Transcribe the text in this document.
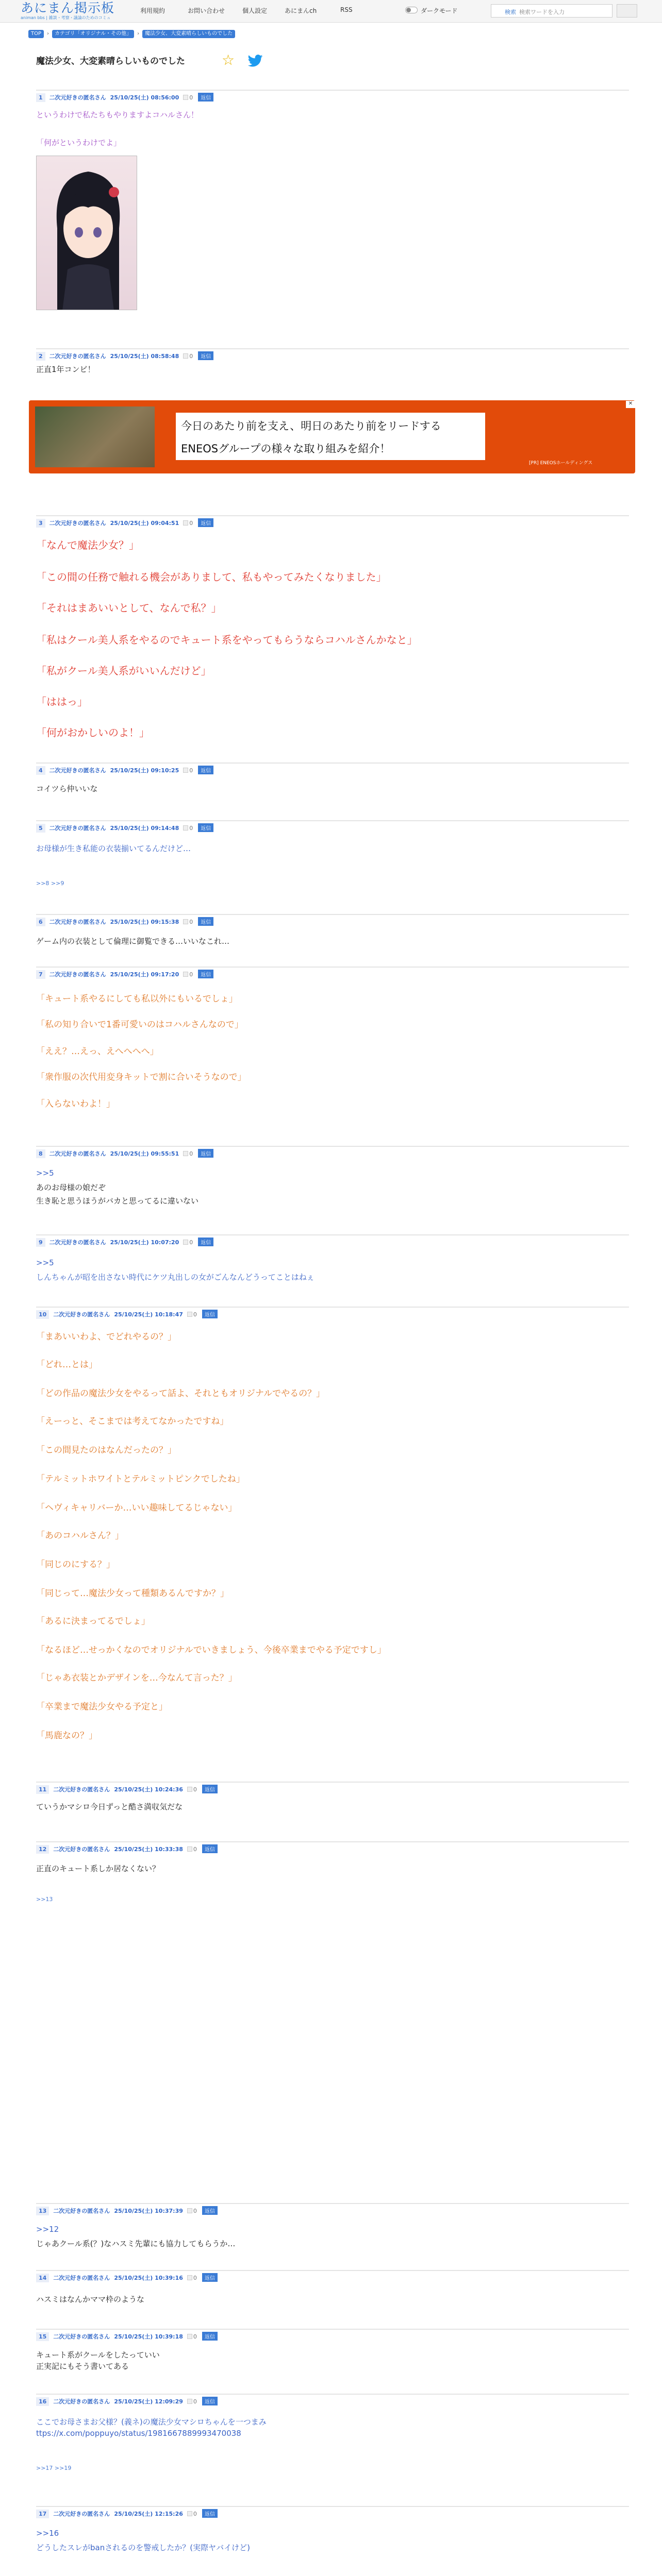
あにまん掲示板
animan bbs | 雑談・考察・議論のためのコミュ
利用規約	お問い合わせ	個人設定	あにまんch	RSS	ダークモード	検索 検索ワードを入力
TOP › カテゴリ「オリジナル・その他」 › 魔法少女、大変素晴らしいものでした
魔法少女、大変素晴らしいものでした	☆
今日のあたり前を支え、明日のあたり前をリードする
ENEOSグループの様々な取り組みを紹介！
[PR] ENEOSホールディングス
✕
1 二次元好きの匿名さん 25/10/25(土) 08:56:00 0 返信
というわけで私たちもやりますよコハルさん！
「何がというわけでよ」
2 二次元好きの匿名さん 25/10/25(土) 08:58:48 0 返信
正直1年コンビ！
3 二次元好きの匿名さん 25/10/25(土) 09:04:51 0 返信
「なんで魔法少女？」
「この間の任務で触れる機会がありまして、私もやってみたくなりました」
「それはまあいいとして、なんで私？」
「私はクール美人系をやるのでキュート系をやってもらうならコハルさんかなと」
「私がクール美人系がいいんだけど」
「ははっ」
「何がおかしいのよ！」
4 二次元好きの匿名さん 25/10/25(土) 09:10:25 0 返信
コイツら仲いいな
5 二次元好きの匿名さん 25/10/25(土) 09:14:48 0 返信
お母様が生き私能の衣装揃いてるんだけど…
>>8 >>9
6 二次元好きの匿名さん 25/10/25(土) 09:15:38 0 返信
ゲーム内の衣装として倫理に御覧できる…いいなこれ…
7 二次元好きの匿名さん 25/10/25(土) 09:17:20 0 返信
「キュート系やるにしても私以外にもいるでしょ」
「私の知り合いで1番可愛いのはコハルさんなので」
「ええ？…えっ、えへへへへ」
「衆作服の次代用変身キットで割に合いそうなので」
「入らないわよ！」
8 二次元好きの匿名さん 25/10/25(土) 09:55:51 0 返信
>>5
あのお母様の娘だぞ
生き恥と思うほうがバカと思ってるに違いない
9 二次元好きの匿名さん 25/10/25(土) 10:07:20 0 返信
>>5
しんちゃんが昭を出さない時代にケツ丸出しの女がごんなんどうってことはねぇ
10 二次元好きの匿名さん 25/10/25(土) 10:18:47 0 返信
「まあいいわよ、でどれやるの？」
「どれ…とは」
「どの作品の魔法少女をやるって話よ、それともオリジナルでやるの？」
「えーっと、そこまでは考えてなかったですね」
「この間見たのはなんだったの？」
「テルミットホワイトとテルミットピンクでしたね」
「ヘヴィキャリバーか…いい趣味してるじゃない」
「あのコハルさん？」
「同じのにする？」
「同じって…魔法少女って種類あるんですか？」
「あるに決まってるでしょ」
「なるほど…せっかくなのでオリジナルでいきましょう、今後卒業までやる予定ですし」
「じゃあ衣装とかデザインを…今なんて言った？」
「卒業まで魔法少女やる予定と」
「馬鹿なの？」
11 二次元好きの匿名さん 25/10/25(土) 10:24:36 0 返信
ていうかマシロ今日ずっと酷さ満収気だな
12 二次元好きの匿名さん 25/10/25(土) 10:33:38 0 返信
正直のキュート系しか居なくない？
>>13
13 二次元好きの匿名さん 25/10/25(土) 10:37:39 0 返信
>>12
じゃあクール系(？)なハスミ先輩にも協力してもらうか…
14 二次元好きの匿名さん 25/10/25(土) 10:39:16 0 返信
ハスミはなんかママ枠のような
15 二次元好きの匿名さん 25/10/25(土) 10:39:18 0 返信
キュート系がクールをしたっていい
正実記にもそう書いてある
16 二次元好きの匿名さん 25/10/25(土) 12:09:29 0 返信
ここでお母さまお父様？(義ネ)の魔法少女マシロちゃんを一つまみ
ttps://x.com/poppuyo/status/1981667889993470038
>>17 >>19
17 二次元好きの匿名さん 25/10/25(土) 12:15:26 0 返信
>>16
どうしたスレがbanされるのを警戒したか？(実際ヤバイけど)
